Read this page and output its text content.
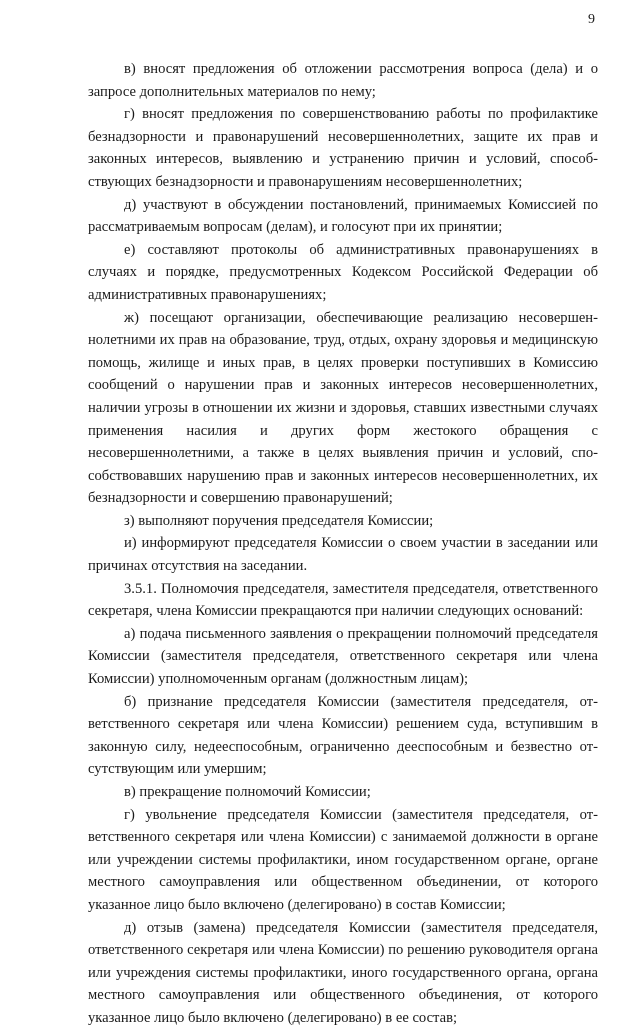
9

в) вносят предложения об отложении рассмотрения вопроса (дела) и о запросе дополнительных материалов по нему;

г) вносят предложения по совершенствованию работы по профилактике безнадзорности и правонарушений несовершеннолетних, защите их прав и законных интересов, выявлению и устранению причин и условий, способствующих безнадзорности и правонарушениям несовершеннолетних;

д) участвуют в обсуждении постановлений, принимаемых Комиссией по рассматриваемым вопросам (делам), и голосуют при их принятии;

е) составляют протоколы об административных правонарушениях в случаях и порядке, предусмотренных Кодексом Российской Федерации об административных правонарушениях;

ж) посещают организации, обеспечивающие реализацию несовершеннолетними их прав на образование, труд, отдых, охрану здоровья и медицинскую помощь, жилище и иных прав, в целях проверки поступивших в Комиссию сообщений о нарушении прав и законных интересов несовершеннолетних, наличии угрозы в отношении их жизни и здоровья, ставших известными случаях применения насилия и других форм жестокого обращения с несовершеннолетними, а также в целях выявления причин и условий, способствовавших нарушению прав и законных интересов несовершеннолетних, их безнадзорности и совершению правонарушений;

з) выполняют поручения председателя Комиссии;

и) информируют председателя Комиссии о своем участии в заседании или причинах отсутствия на заседании.

3.5.1. Полномочия председателя, заместителя председателя, ответственного секретаря, члена Комиссии прекращаются при наличии следующих оснований:

а) подача письменного заявления о прекращении полномочий председателя Комиссии (заместителя председателя, ответственного секретаря или члена Комиссии) уполномоченным органам (должностным лицам);

б) признание председателя Комиссии (заместителя председателя, ответственного секретаря или члена Комиссии) решением суда, вступившим в законную силу, недееспособным, ограниченно дееспособным и безвестно отсутствующим или умершим;

в) прекращение полномочий Комиссии;

г) увольнение председателя Комиссии (заместителя председателя, ответственного секретаря или члена Комиссии) с занимаемой должности в органе или учреждении системы профилактики, ином государственном органе, органе местного самоуправления или общественном объединении, от которого указанное лицо было включено (делегировано) в состав Комиссии;

д) отзыв (замена) председателя Комиссии (заместителя председателя, ответственного секретаря или члена Комиссии) по решению руководителя органа или учреждения системы профилактики, иного государственного органа, органа местного самоуправления или общественного объединения, от которого указанное лицо было включено (делегировано) в ее состав;
